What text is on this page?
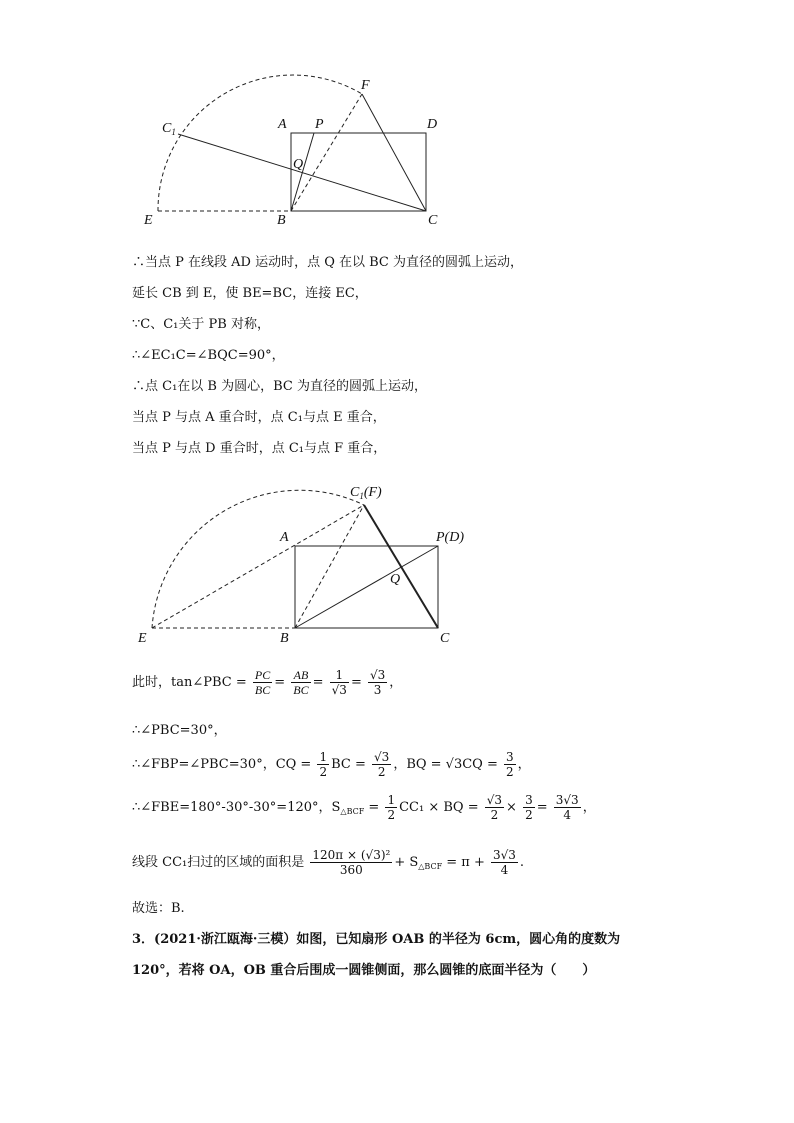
$C_1$	A P	D
F
Q
E	B	C
∴当点 P 在线段 AD 运动时，点 Q 在以 BC 为直径的圆弧上运动，
延长 CB 到 E，使 BE=BC，连接 EC，
∵C、C₁关于 PB 对称，
∴∠EC₁C=∠BQC=90°，
∴点 C₁在以 B 为圆心，BC 为直径的圆弧上运动，
当点 P 与点 A 重合时，点 C₁与点 E 重合，
当点 P 与点 D 重合时，点 C₁与点 F 重合，
$C_1(F)$
A	P(D)
Q
E	B	C
此时，tan∠PBC = $\frac{PC}{BC} = \frac{AB}{BC} = \frac{1}{√3} = \frac{√3}{3}$ ，
∴∠PBC=30°，
∴∠FBP=∠PBC=30°，CQ = $\frac{1}{2}$ BC = $\frac{√3}{2}$ ，BQ = $√3CQ = \frac{3}{2}$ ，
∴∠FBE=180°-30°-30°=120°，$S_{\triangle BCF} = \frac{1}{2} CC_1$ × BQ = $\frac{√3}{2} \times \frac{3}{2} = \frac{3√3}{4}$ ，
线段 CC₁扫过的区域的面积是 $\frac{\text{120π × (√3)²}}{360} + S_{\triangle BCF} = \pi + \frac{3√3}{4}$ .
故选：B.
3．(2021·浙江瓯海·三模）如图，已知扇形 OAB 的半径为 6cm，圆心角的度数为
120°，若将 OA，OB 重合后围成一圆锥侧面，那么圆锥的底面半径为（　　）
